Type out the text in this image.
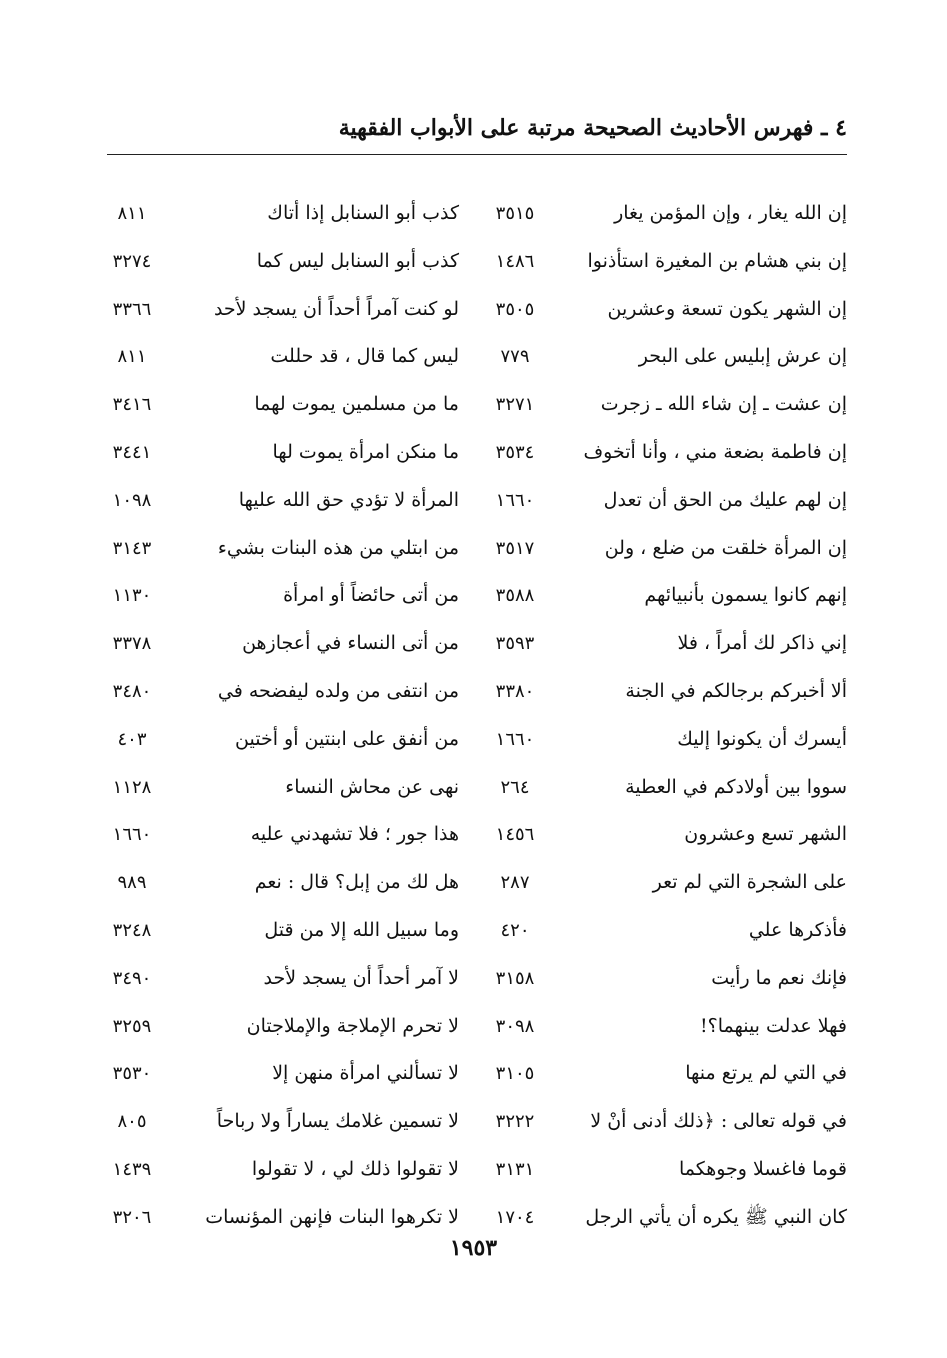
٤ ـ فهرس الأحاديث الصحيحة مرتبة على الأبواب الفقهية
إن الله يغار ، وإن المؤمن يغار
٣٥١٥
كذب أبو السنابل إذا أتاك
٨١١
إن بني هشام بن المغيرة استأذنوا
١٤٨٦
كذب أبو السنابل ليس كما
٣٢٧٤
إن الشهر يكون تسعة وعشرين
٣٥٠٥
لو كنت آمراً أحداً أن يسجد لأحد
٣٣٦٦
إن عرش إبليس على البحر
٧٧٩
ليس كما قال ، قد حللت
٨١١
إن عشت ـ إن شاء الله ـ زجرت
٣٢٧١
ما من مسلمين يموت لهما
٣٤١٦
إن فاطمة بضعة مني ، وأنا أتخوف
٣٥٣٤
ما منكن امرأة يموت لها
٣٤٤١
إن لهم عليك من الحق أن تعدل
١٦٦٠
المرأة لا تؤدي حق الله عليها
١٠٩٨
إن المرأة خلقت من ضلع ، ولن
٣٥١٧
من ابتلي من هذه البنات بشيء
٣١٤٣
إنهم كانوا يسمون بأنبيائهم
٣٥٨٨
من أتى حائضاً أو امرأة
١١٣٠
إني ذاكر لك أمراً ، فلا
٣٥٩٣
من أتى النساء في أعجازهن
٣٣٧٨
ألا أخبركم برجالكم في الجنة
٣٣٨٠
من انتفى من ولده ليفضحه في
٣٤٨٠
أيسرك أن يكونوا إليك
١٦٦٠
من أنفق على ابنتين أو أختين
٤٠٣
سووا بين أولادكم في العطية
٢٦٤
نهى عن محاش النساء
١١٢٨
الشهر تسع وعشرون
١٤٥٦
هذا جور ؛ فلا تشهدني عليه
١٦٦٠
على الشجرة التي لم تعر
٢٨٧
هل لك من إبل؟ قال : نعم
٩٨٩
فأذكرها علي
٤٢٠
وما سبيل الله إلا من قتل
٣٢٤٨
فإنك نعم ما رأيت
٣١٥٨
لا آمر أحداً أن يسجد لأحد
٣٤٩٠
فهلا عدلت بينهما؟!
٣٠٩٨
لا تحرم الإملاجة والإملاجتان
٣٢٥٩
في التي لم يرتع منها
٣١٠٥
لا تسألني امرأة منهن إلا
٣٥٣٠
في قوله تعالى : ﴿ذلك أدنى أنْ لا
٣٢٢٢
لا تسمين غلامك يساراً ولا رباحاً
٨٠٥
قوما فاغسلا وجوهكما
٣١٣١
لا تقولوا ذلك لي ، لا تقولوا
١٤٣٩
كان النبي ﷺ يكره أن يأتي الرجل
١٧٠٤
لا تكرهوا البنات فإنهن المؤنسات
٣٢٠٦
١٩٥٣
